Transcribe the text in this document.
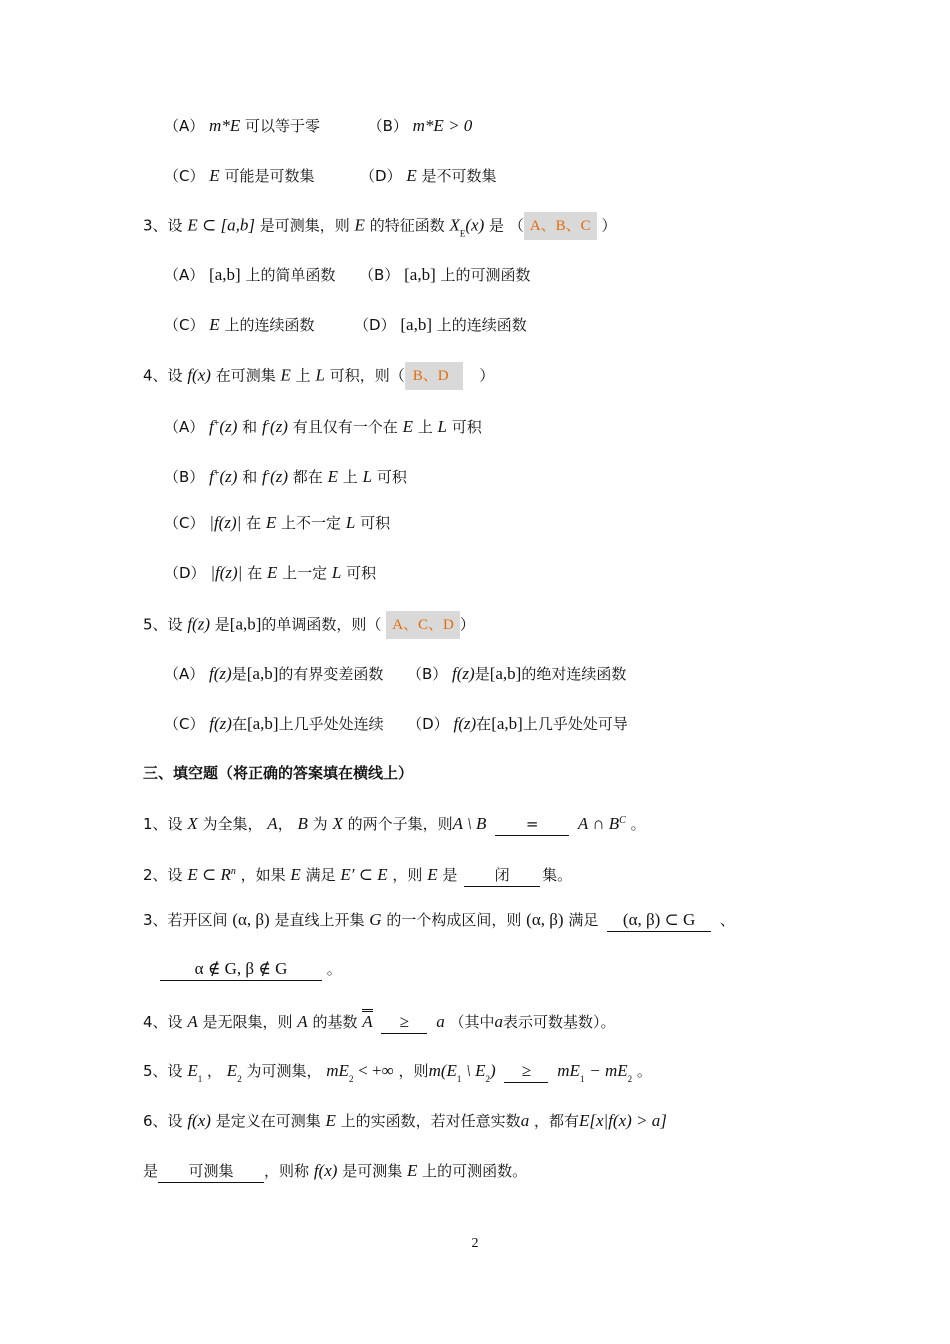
（A） m*E 可以等于零	（B） m*E > 0
（C） E 可能是可数集	（D） E 是不可数集
3、设 E ⊂ [a,b] 是可测集，则 E 的特征函数 $X_E(x)$ 是 （ A、B、C ）
（A） [a,b] 上的简单函数 （B） [a,b] 上的可测函数
（C） E 上的连续函数	（D） [a,b] 上的连续函数
4、设 f(x) 在可测集 E 上 L 可积，则（ B、D ）
（A） f+(z) 和 f-(z) 有且仅有一个在 E 上 L 可积
（B） f+(z) 和 f-(z) 都在 E 上 L 可积
（C） |f(z)| 在 E 上不一定 L 可积
（D） |f(z)| 在 E 上一定 L 可积
5、设 f(z) 是[a,b]的单调函数，则（ A、C、D ）
（A） f(z)是[a,b]的有界变差函数 （B） f(z)是[a,b]的绝对连续函数
（C） f(z)在[a,b]上几乎处处连续 （D） f(z)在[a,b]上几乎处处可导
三、填空题（将正确的答案填在横线上）
1、设 X 为全集， A， B 为 X 的两个子集，则A \ B	= A ∩ $B^C$ 。
2、设 E ⊂ $R^n$ ，如果 E 满足 E′ ⊂ E ，则 E 是 闭 集。
3、若开区间 (α, β) 是直线上开集 G 的一个构成区间，则 (α, β) 满足 (α, β) ⊂ G 、
α ∉ G, β ∉ G	。
4、设 A 是无限集，则 A 的基数 A ≥ a （其中a表示可数基数）。
5、设 $E_1$ ， $E_2$ 为可测集， $mE_2$ < +∞ ，则$m(E_1$ \ $E_2) \ge mE_1 - mE_2$ 。
6、设 f(x) 是定义在可测集 E 上的实函数，若对任意实数a ，都有E[x|f(x) > a]
是 可测集 ，则称 f(x) 是可测集 E 上的可测函数。
2
